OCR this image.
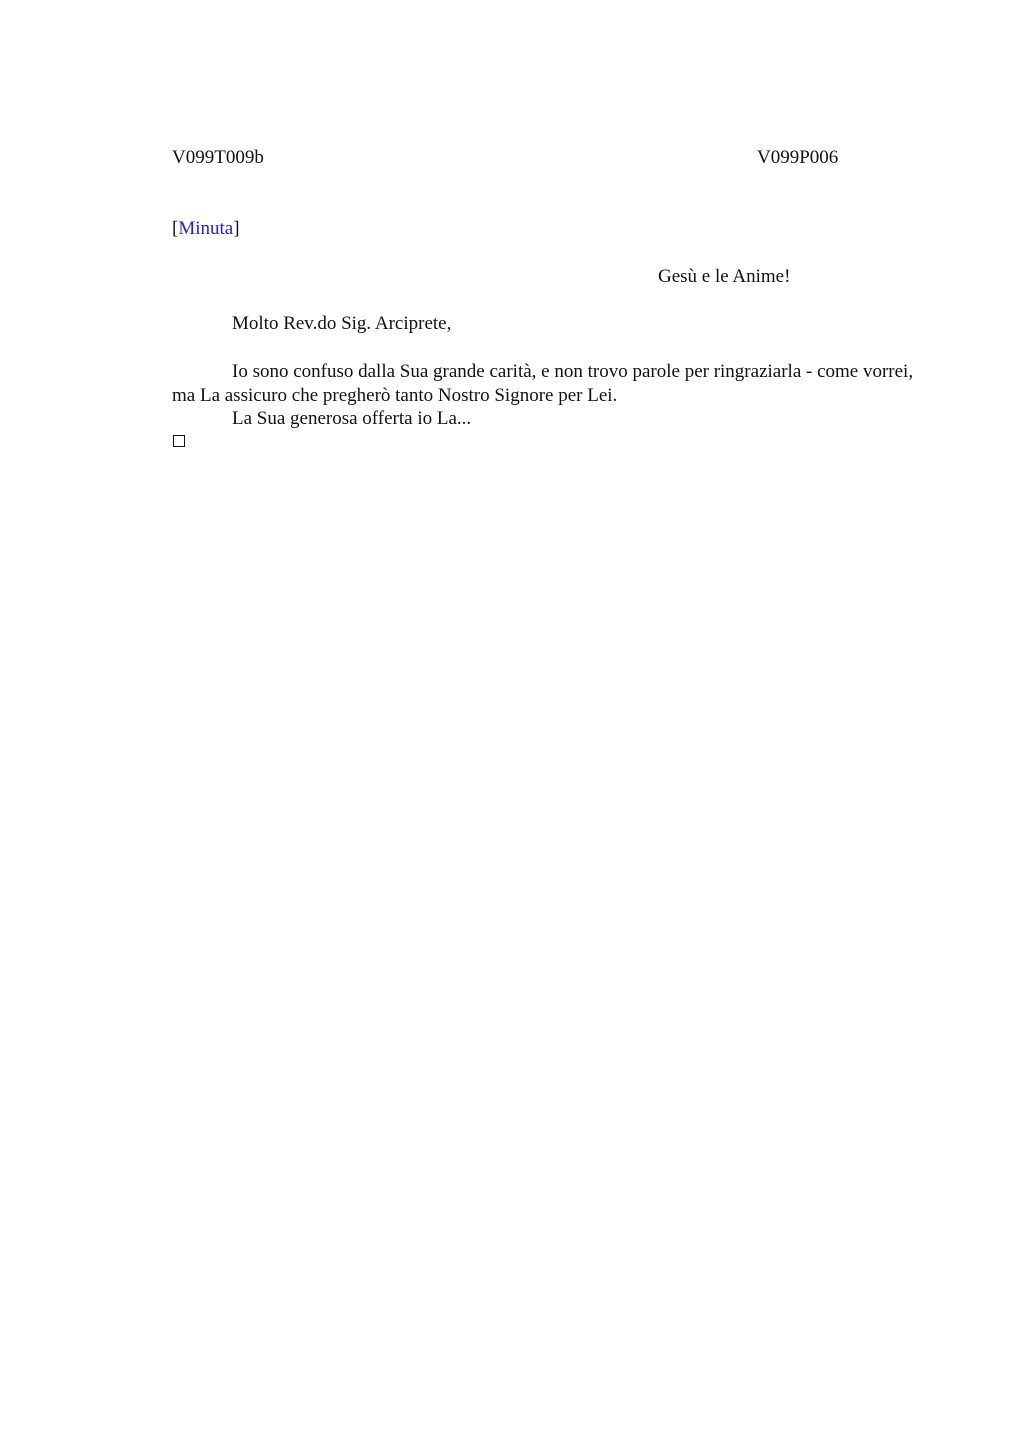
V099T009b	V099P006
[Minuta]
Gesù e le Anime!
Molto Rev.do Sig. Arciprete,

Io sono confuso dalla Sua grande carità, e non trovo parole per ringraziarla - come vorrei, ma La assicuro che pregherò tanto Nostro Signore per Lei.

La Sua generosa offerta io La...
